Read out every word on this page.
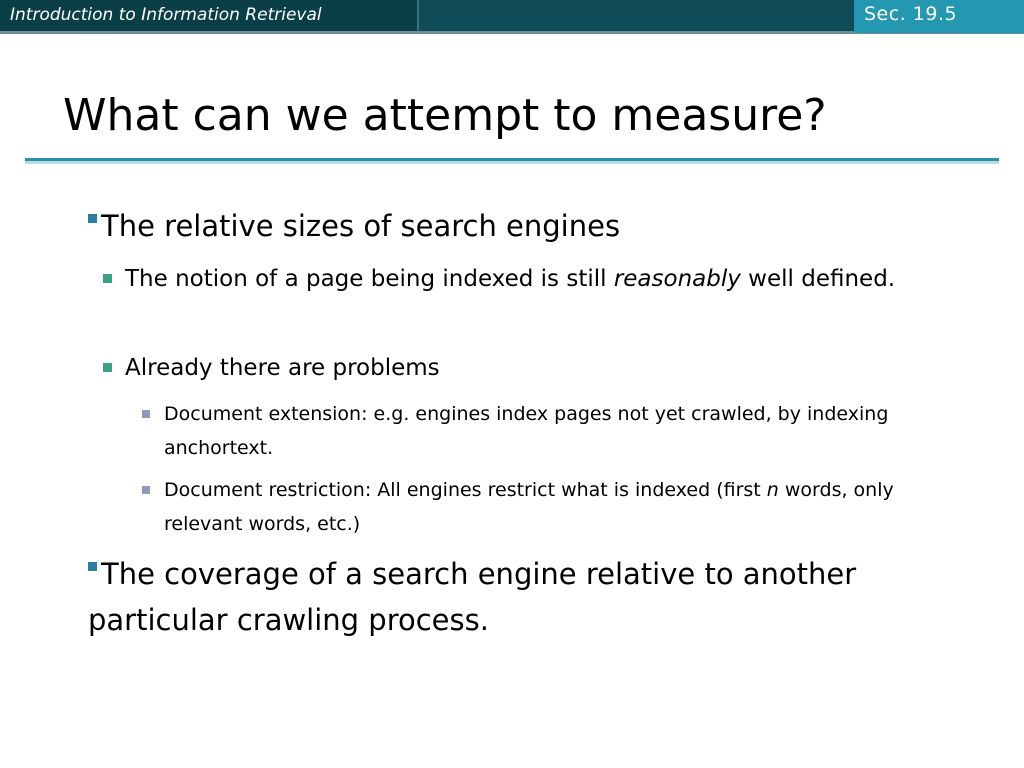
Introduction to Information Retrieval	Sec. 19.5
What can we attempt to measure?
The relative sizes of search engines
The notion of a page being indexed is still reasonably well defined.
Already there are problems
Document extension: e.g. engines index pages not yet crawled, by indexing anchortext.
Document restriction: All engines restrict what is indexed (first n words, only relevant words, etc.)
The coverage of a search engine relative to another particular crawling process.
